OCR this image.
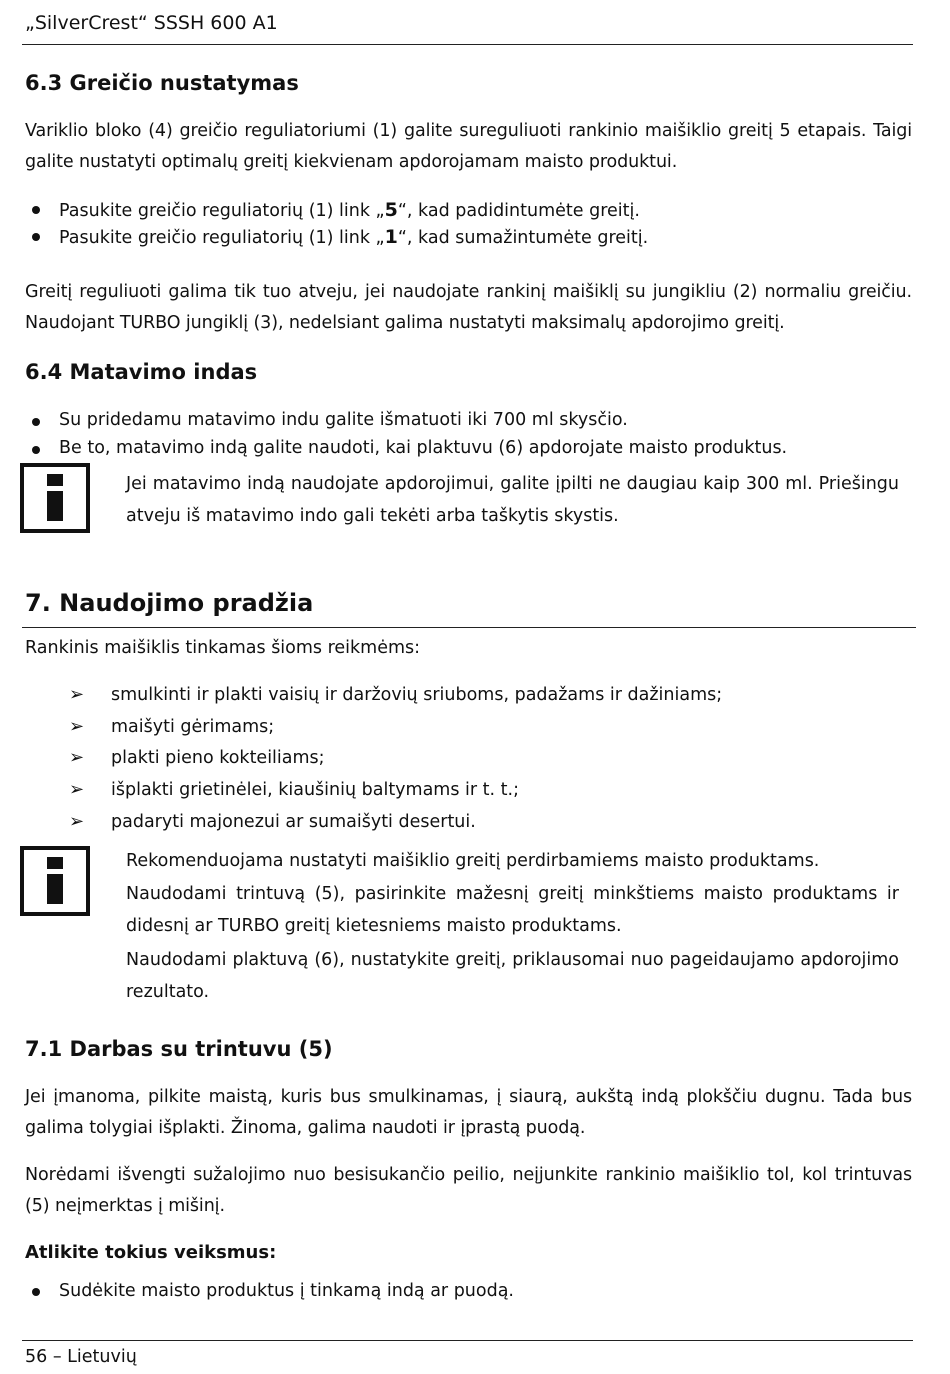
„SilverCrest“ SSSH 600 A1
6.3 Greičio nustatymas

Variklio bloko (4) greičio reguliatoriumi (1) galite sureguliuoti rankinio maišiklio greitį 5 etapais. Taigi galite nustatyti optimalų greitį kiekvienam apdorojamam maisto produktui.

Pasukite greičio reguliatorių (1) link „5“, kad padidintumėte greitį.
Pasukite greičio reguliatorių (1) link „1“, kad sumažintumėte greitį.

Greitį reguliuoti galima tik tuo atveju, jei naudojate rankinį maišiklį su jungikliu (2) normaliu greičiu. Naudojant TURBO jungiklį (3), nedelsiant galima nustatyti maksimalų apdorojimo greitį.

6.4 Matavimo indas
Su pridedamu matavimo indu galite išmatuoti iki 700 ml skysčio.
Be to, matavimo indą galite naudoti, kai plaktuvu (6) apdorojate maisto produktus.

Jei matavimo indą naudojate apdorojimui, galite įpilti ne daugiau kaip 300 ml. Priešingu atveju iš matavimo indo gali tekėti arba taškytis skystis.

7. Naudojimo pradžia
Rankinis maišiklis tinkamas šioms reikmėms:
➢ smulkinti ir plakti vaisių ir daržovių sriuboms, padažams ir dažiniams;
➢ maišyti gėrimams;
➢ plakti pieno kokteiliams;
➢ išplakti grietinėlei, kiaušinių baltymams ir t. t.;
➢ padaryti majonezui ar sumaišyti desertui.

Rekomenduojama nustatyti maišiklio greitį perdirbamiems maisto produktams.

Naudodami trintuvą (5), pasirinkite mažesnį greitį minkštiems maisto produktams ir didesnį ar TURBO greitį kietesniems maisto produktams.

Naudodami plaktuvą (6), nustatykite greitį, priklausomai nuo pageidaujamo apdorojimo rezultato.

7.1 Darbas su trintuvu (5)

Jei įmanoma, pilkite maistą, kuris bus smulkinamas, į siaurą, aukštą indą plokščiu dugnu. Tada bus galima tolygiai išplakti. Žinoma, galima naudoti ir įprastą puodą.

Norėdami išvengti sužalojimo nuo besisukančio peilio, neįjunkite rankinio maišiklio tol, kol trintuvas (5) neįmerktas į mišinį.

Atlikite tokius veiksmus:
Sudėkite maisto produktus į tinkamą indą ar puodą.
56 – Lietuvių
